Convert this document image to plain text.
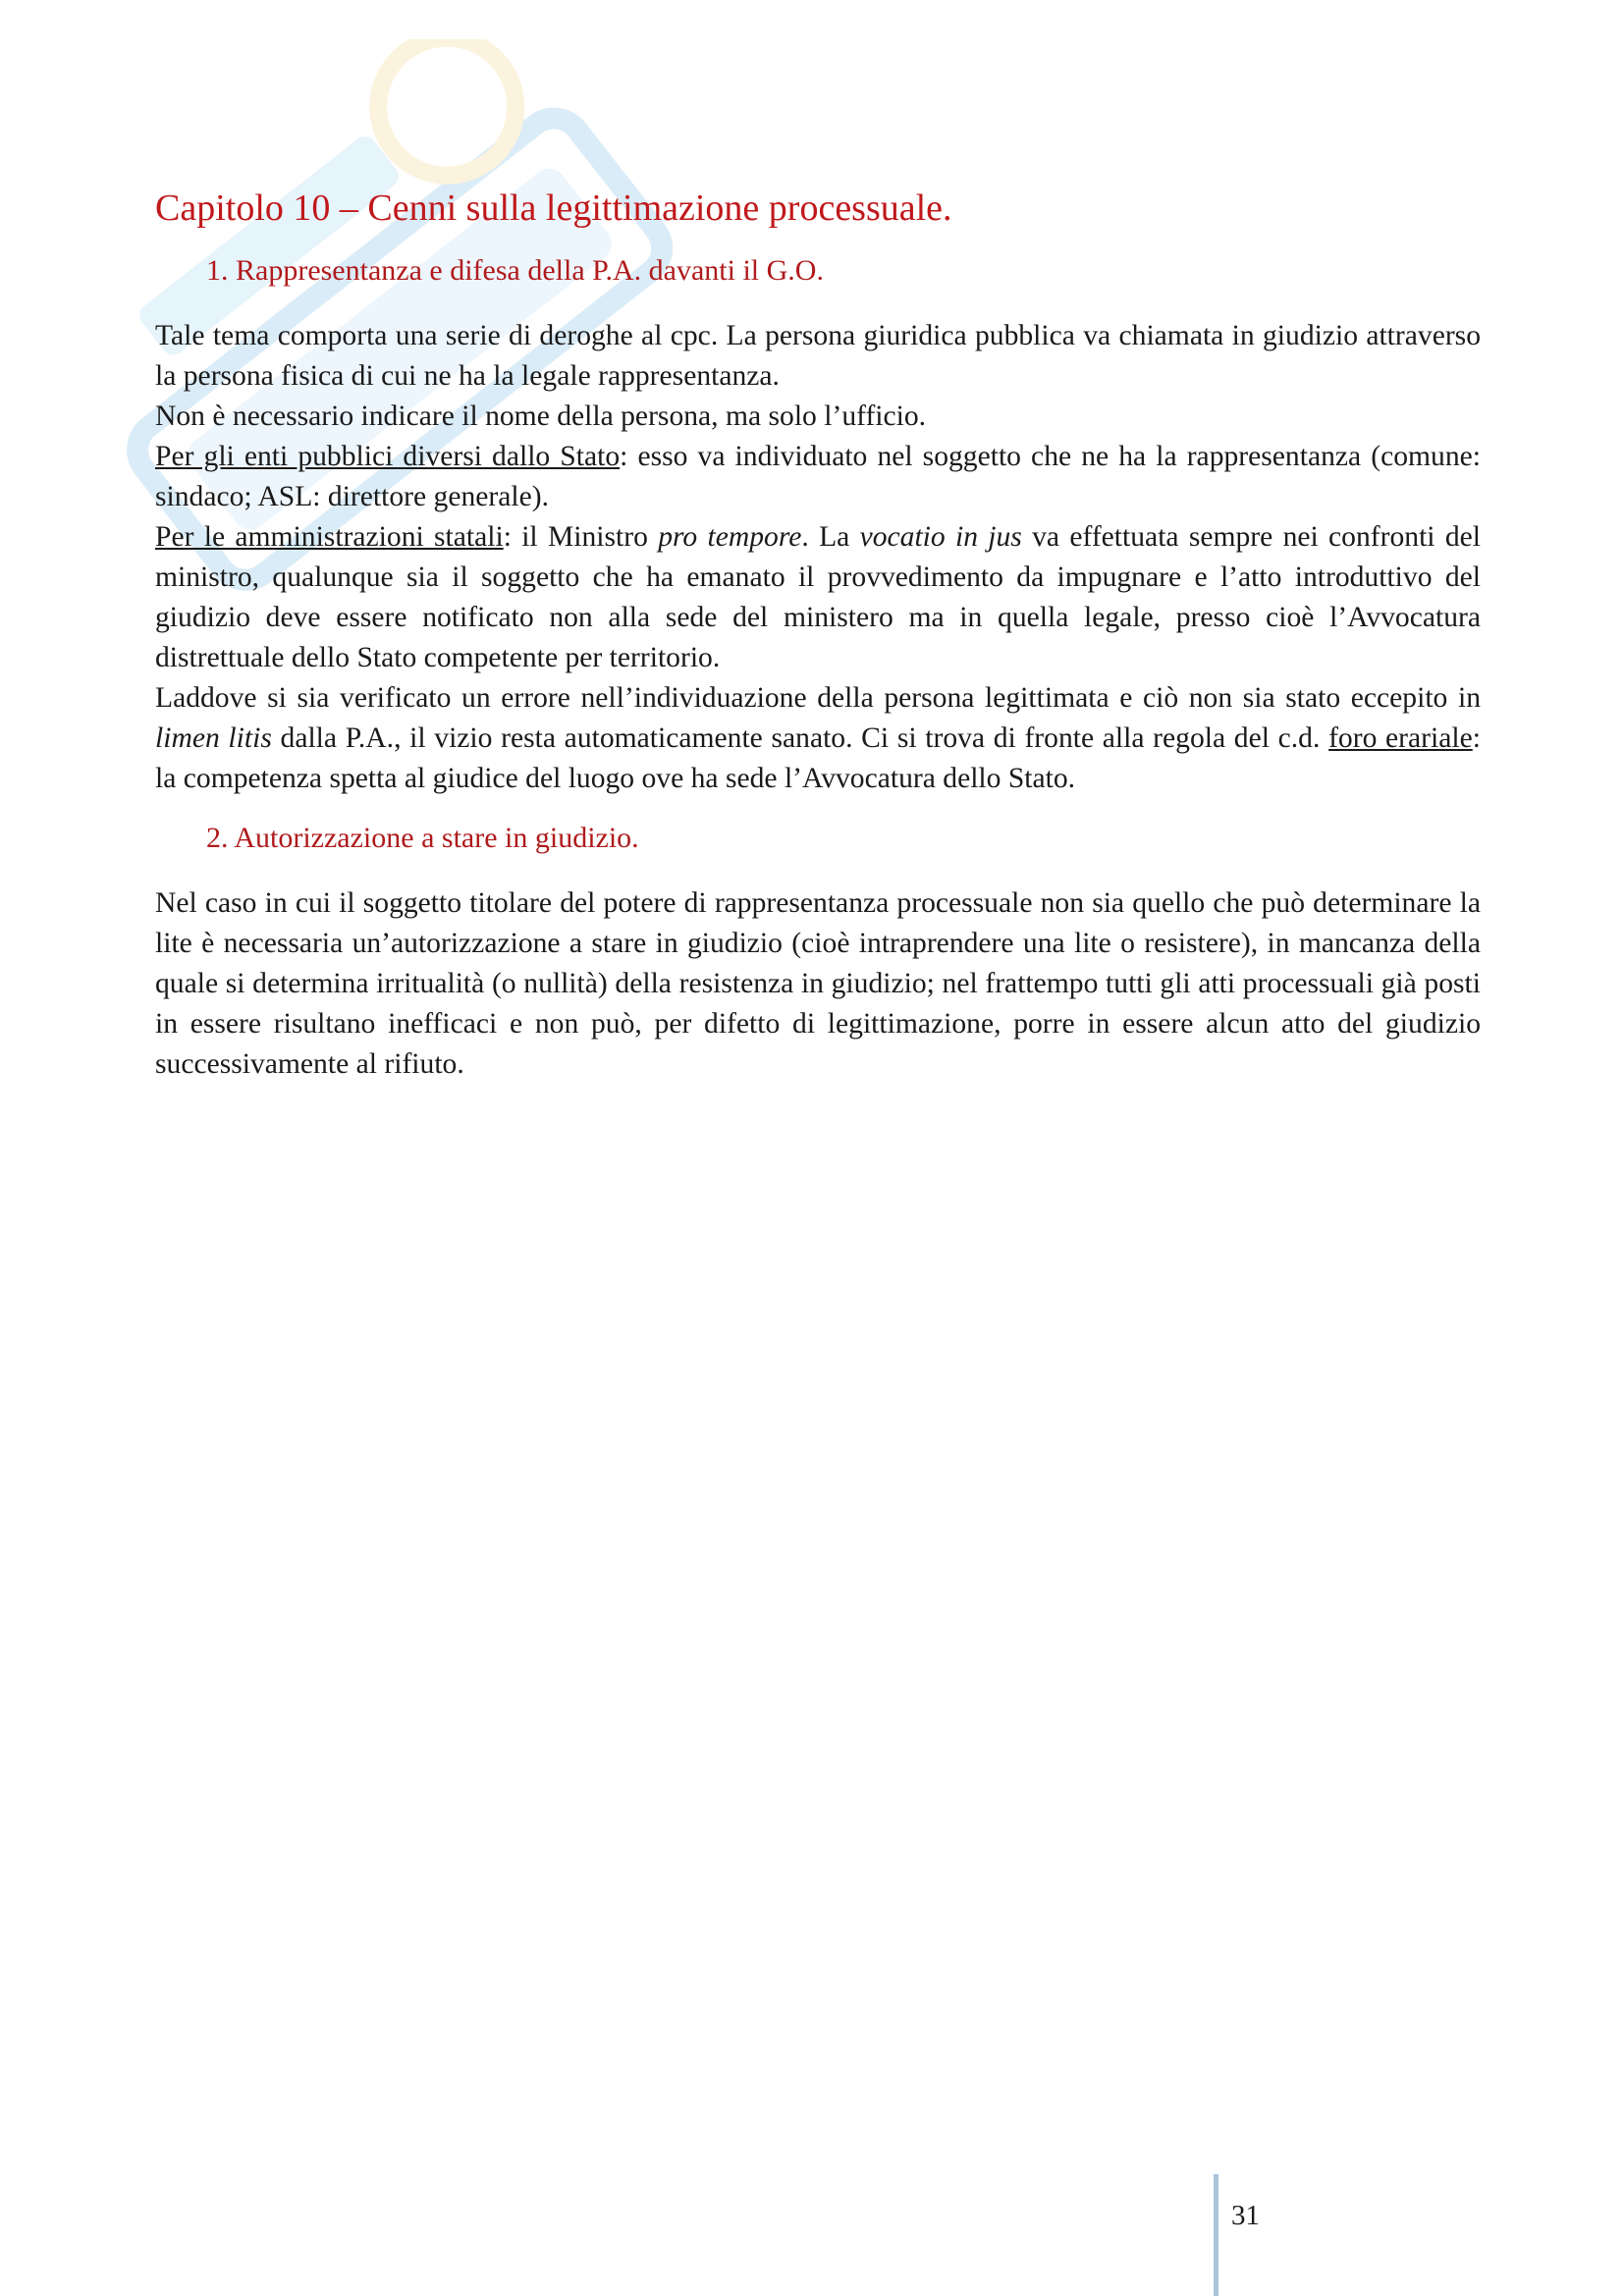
Capitolo 10 – Cenni sulla legittimazione processuale.
1. Rappresentanza e difesa della P.A. davanti il G.O.

Tale tema comporta una serie di deroghe al cpc. La persona giuridica pubblica va chiamata in giudizio attraverso la persona fisica di cui ne ha la legale rappresentanza.

Non è necessario indicare il nome della persona, ma solo l’ufficio.

Per gli enti pubblici diversi dallo Stato: esso va individuato nel soggetto che ne ha la rappresentanza (comune: sindaco; ASL: direttore generale).

Per le amministrazioni statali: il Ministro pro tempore. La vocatio in jus va effettuata sempre nei confronti del ministro, qualunque sia il soggetto che ha emanato il provvedimento da impugnare e l’atto introduttivo del giudizio deve essere notificato non alla sede del ministero ma in quella legale, presso cioè l’Avvocatura distrettuale dello Stato competente per territorio.

Laddove si sia verificato un errore nell’individuazione della persona legittimata e ciò non sia stato eccepito in limen litis dalla P.A., il vizio resta automaticamente sanato. Ci si trova di fronte alla regola del c.d. foro erariale: la competenza spetta al giudice del luogo ove ha sede l’Avvocatura dello Stato.

2. Autorizzazione a stare in giudizio.

Nel caso in cui il soggetto titolare del potere di rappresentanza processuale non sia quello che può determinare la lite è necessaria un’autorizzazione a stare in giudizio (cioè intraprendere una lite o resistere), in mancanza della quale si determina irritualità (o nullità) della resistenza in giudizio; nel frattempo tutti gli atti processuali già posti in essere risultano inefficaci e non può, per difetto di legittimazione, porre in essere alcun atto del giudizio successivamente al rifiuto.

31
